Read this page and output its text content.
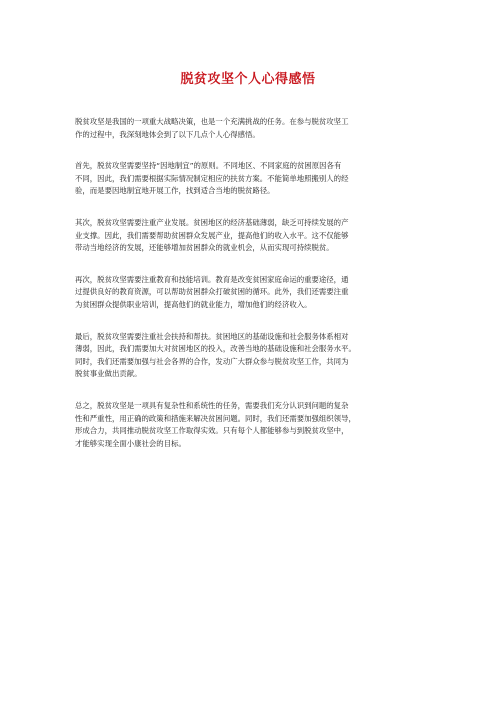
脱贫攻坚个人心得感悟

脱贫攻坚是我国的一项重大战略决策，也是一个充满挑战的任务。在参与脱贫攻坚工
作的过程中，我深刻地体会到了以下几点个人心得感悟。

首先，脱贫攻坚需要坚持“因地制宜”的原则。不同地区、不同家庭的贫困原因各有
不同，因此，我们需要根据实际情况制定相应的扶贫方案。不能简单地照搬别人的经
验，而是要因地制宜地开展工作，找到适合当地的脱贫路径。

其次，脱贫攻坚需要注重产业发展。贫困地区的经济基础薄弱，缺乏可持续发展的产
业支撑。因此，我们需要帮助贫困群众发展产业，提高他们的收入水平。这不仅能够
带动当地经济的发展，还能够增加贫困群众的就业机会，从而实现可持续脱贫。

再次，脱贫攻坚需要注重教育和技能培训。教育是改变贫困家庭命运的重要途径，通
过提供良好的教育资源，可以帮助贫困群众打破贫困的循环。此外，我们还需要注重
为贫困群众提供职业培训，提高他们的就业能力，增加他们的经济收入。

最后，脱贫攻坚需要注重社会扶持和帮扶。贫困地区的基础设施和社会服务体系相对
薄弱，因此，我们需要加大对贫困地区的投入，改善当地的基础设施和社会服务水平。
同时，我们还需要加强与社会各界的合作，发动广大群众参与脱贫攻坚工作，共同为
脱贫事业做出贡献。

总之，脱贫攻坚是一项具有复杂性和系统性的任务，需要我们充分认识到问题的复杂
性和严重性，用正确的政策和措施来解决贫困问题。同时，我们还需要加强组织领导，
形成合力，共同推动脱贫攻坚工作取得实效。只有每个人都能够参与到脱贫攻坚中，
才能够实现全面小康社会的目标。
